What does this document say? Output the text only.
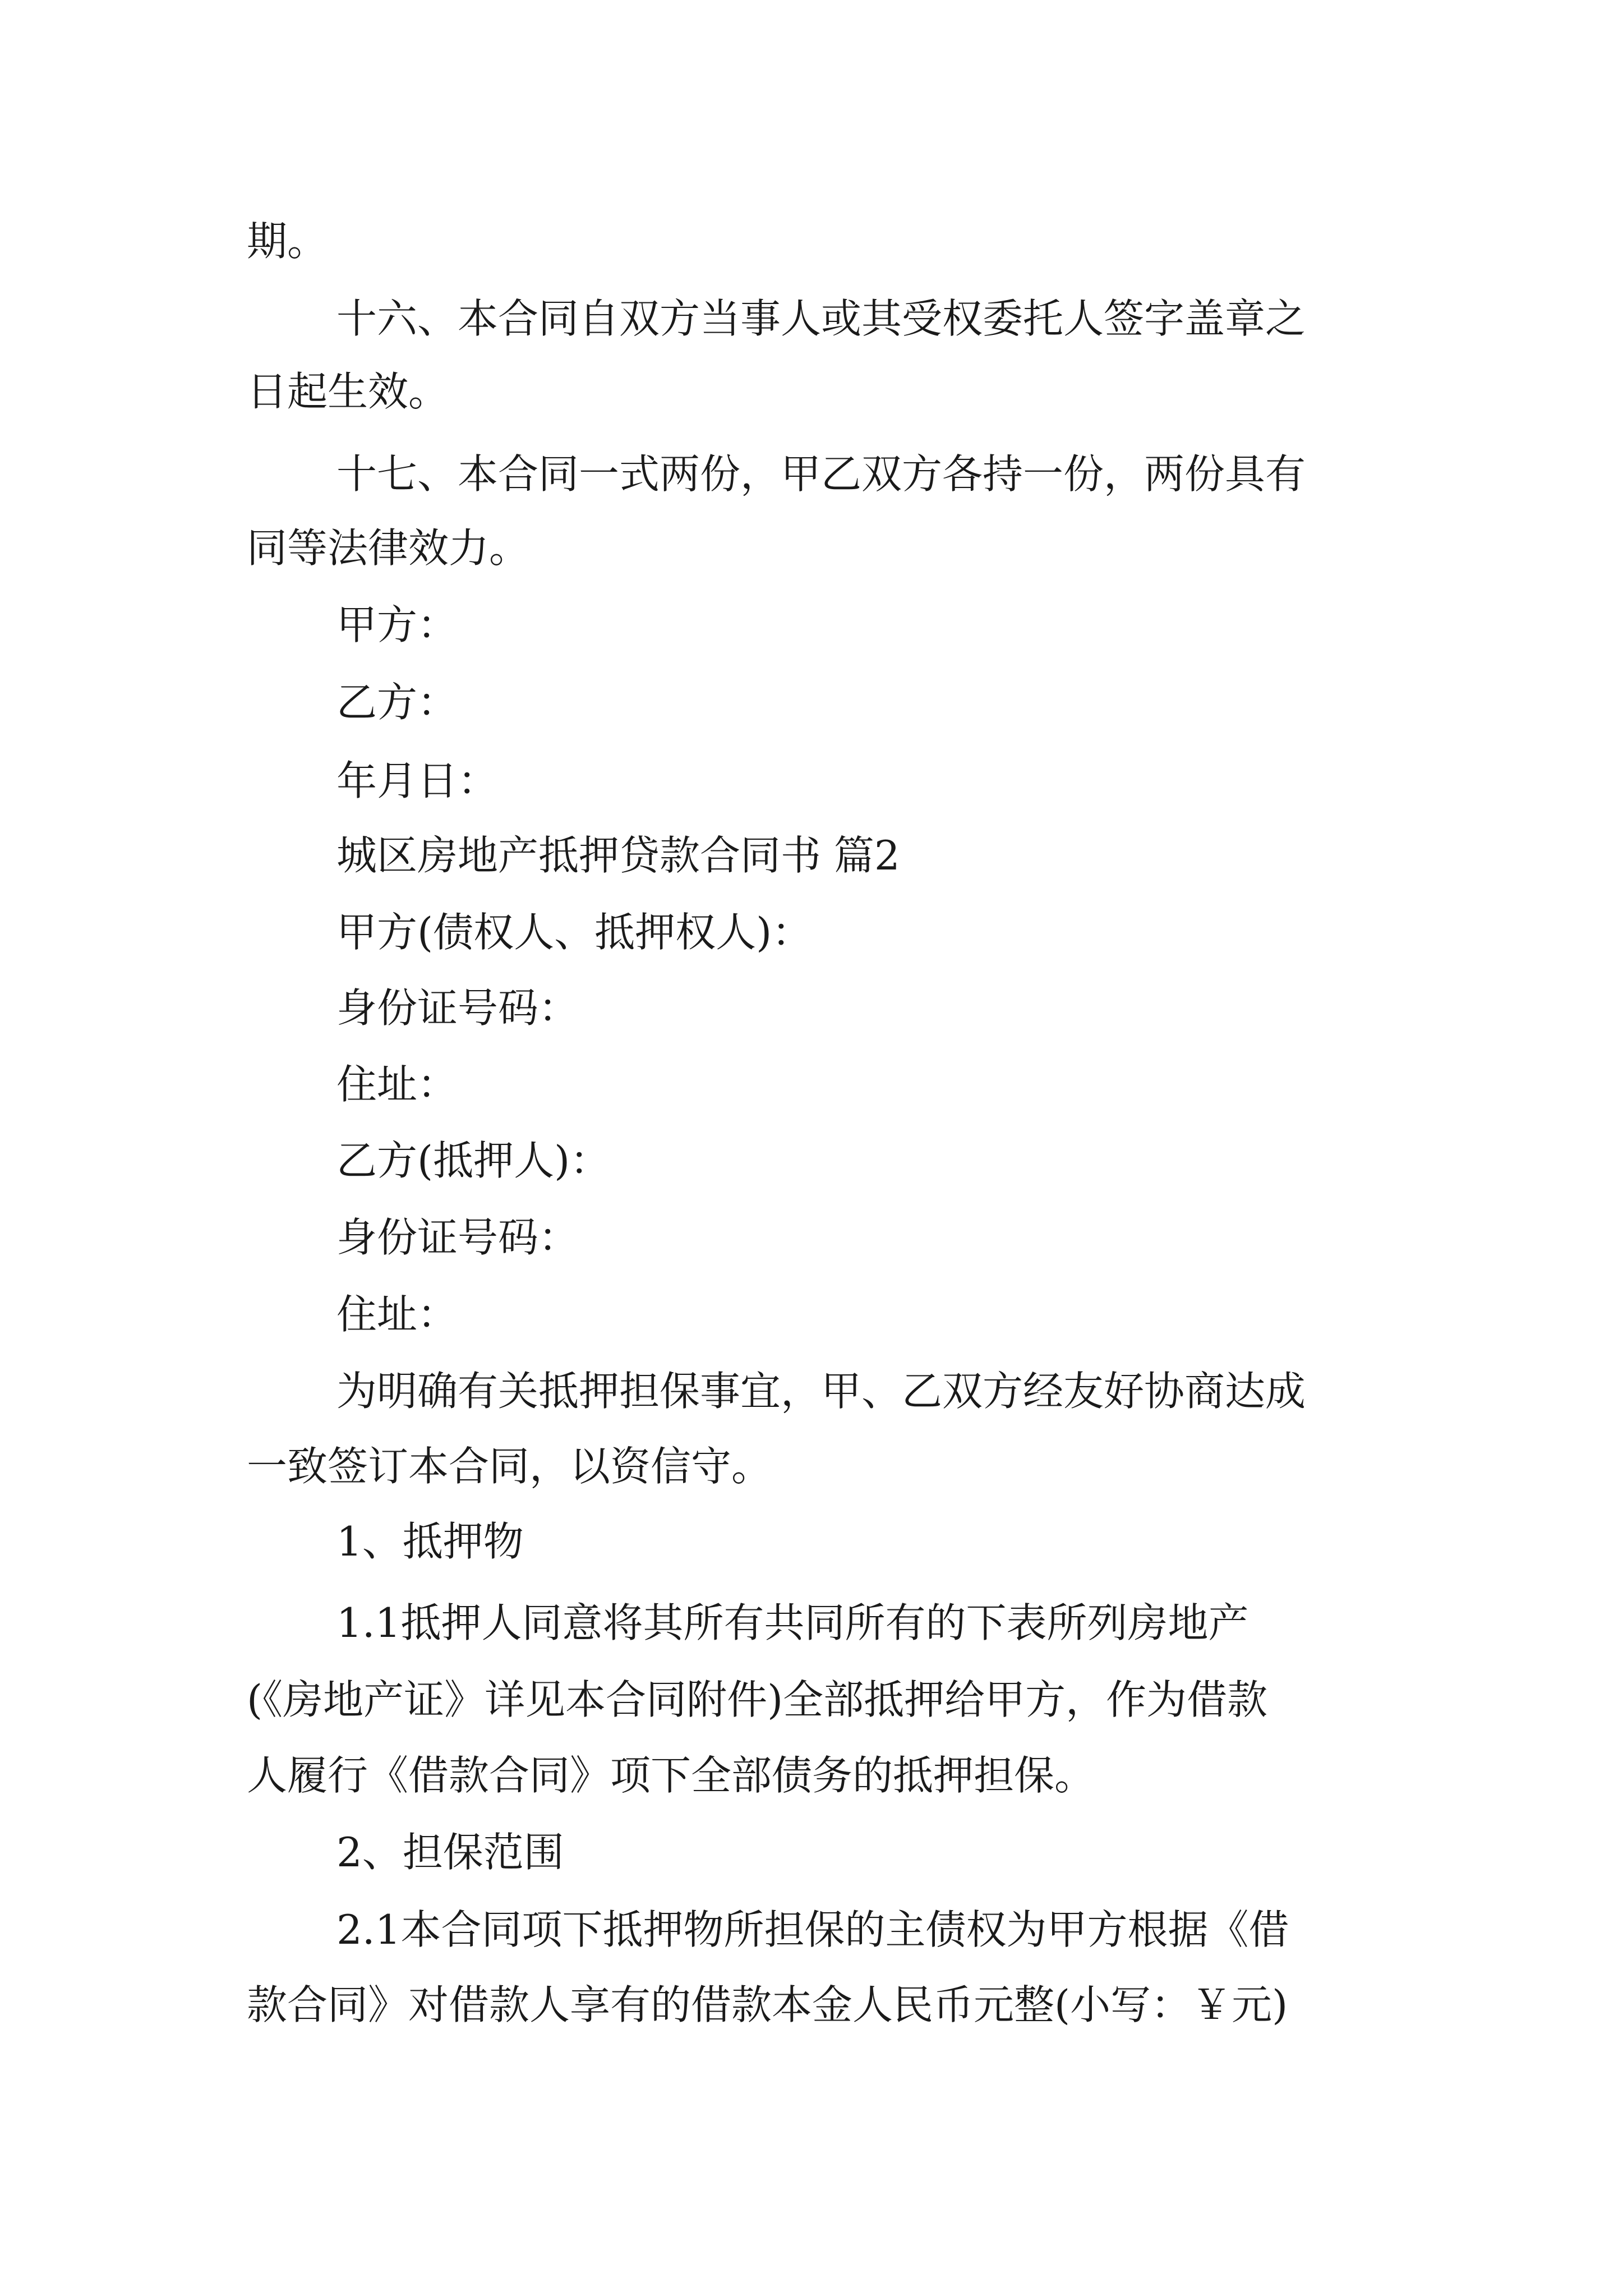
期。
十六、本合同自双方当事人或其受权委托人签字盖章之
日起生效。
十七、本合同一式两份，甲乙双方各持一份，两份具有
同等法律效力。
甲方：
乙方：
年月日：
城区房地产抵押贷款合同书 篇2
甲方(债权人、抵押权人)：
身份证号码：
住址：
乙方(抵押人)：
身份证号码：
住址：
为明确有关抵押担保事宜，甲、乙双方经友好协商达成
一致签订本合同，以资信守。
1、抵押物
1.1抵押人同意将其所有共同所有的下表所列房地产
(《房地产证》详见本合同附件)全部抵押给甲方，作为借款
人履行《借款合同》项下全部债务的抵押担保。
2、担保范围
2.1本合同项下抵押物所担保的主债权为甲方根据《借
款合同》对借款人享有的借款本金人民币元整(小写：￥元)
